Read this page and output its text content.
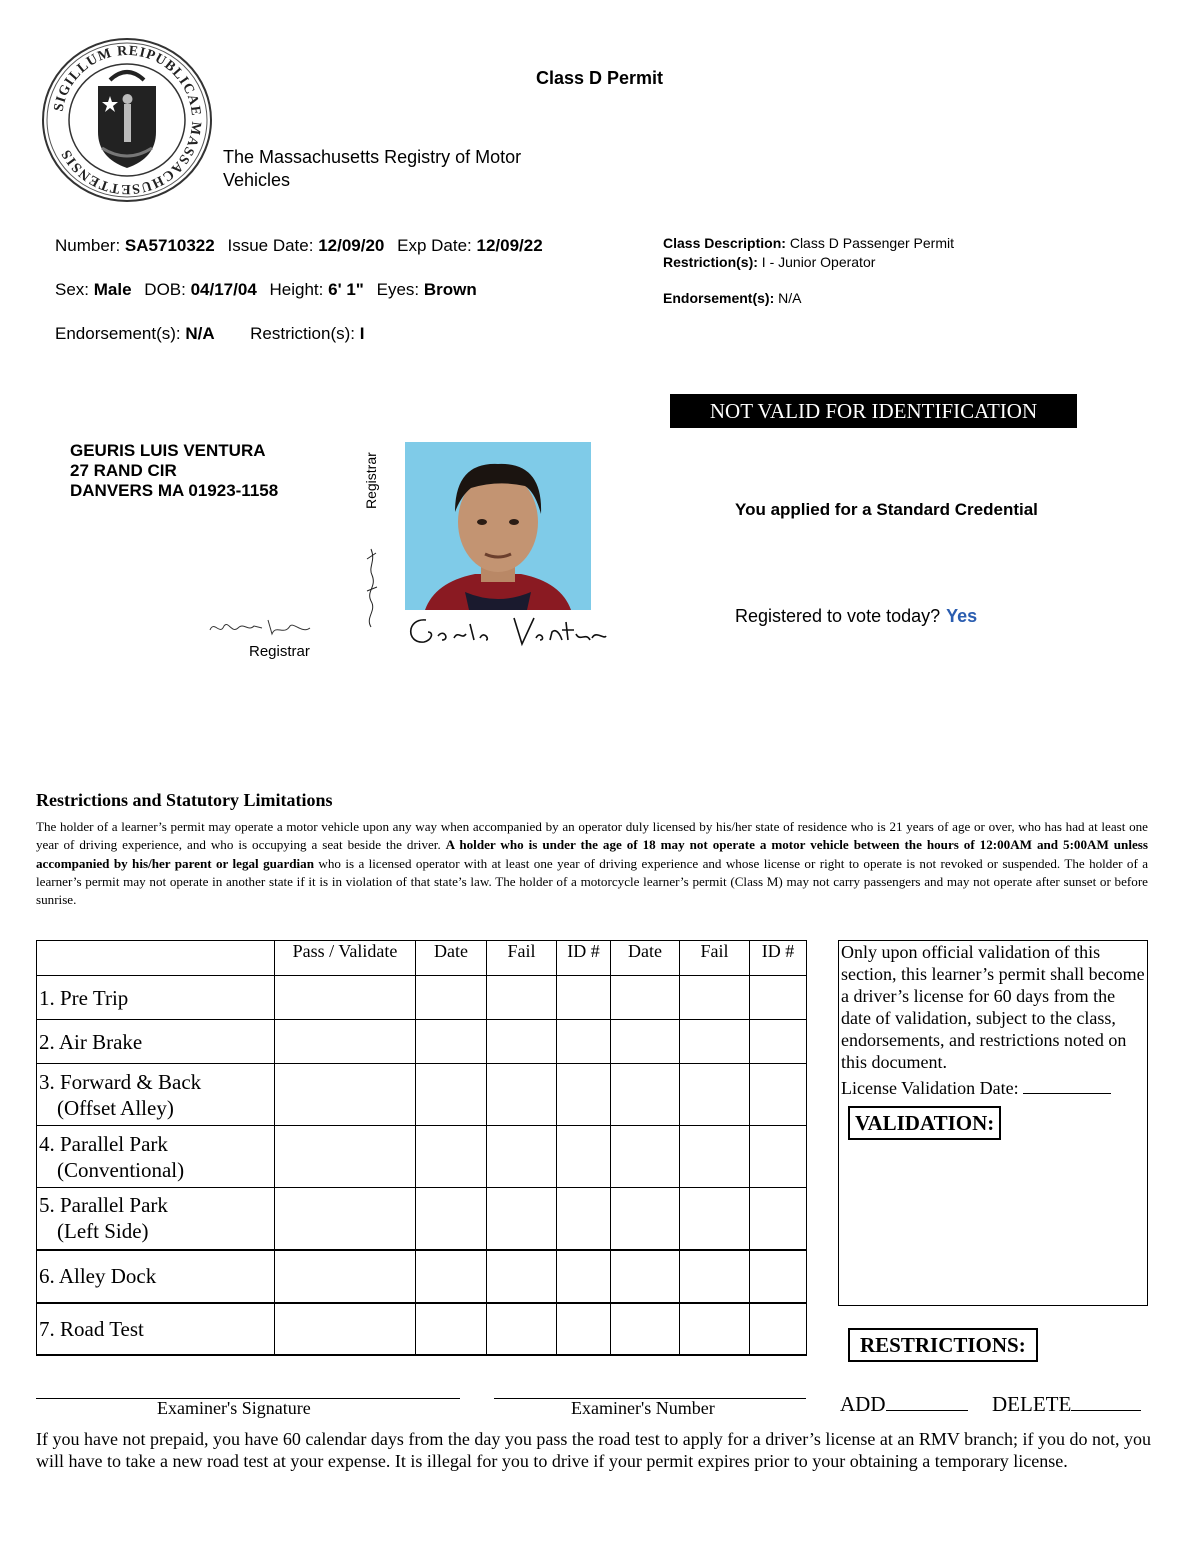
SIGILLUM REIPUBLICAE MASSACHUSETTENSIS
Class D Permit
The Massachusetts Registry of Motor Vehicles
Number: SA5710322 Issue Date: 12/09/20 Exp Date: 12/09/22
Sex: Male DOB: 04/17/04 Height: 6' 1" Eyes: Brown
Endorsement(s): N/A Restriction(s): I
Class Description: Class D Passenger Permit
Restriction(s): I - Junior Operator
Endorsement(s): N/A
NOT VALID FOR IDENTIFICATION
GEURIS LUIS VENTURA
27 RAND CIR
DANVERS MA 01923-1158	Registrar
Registrar
You applied for a Standard Credential
Registered to vote today? Yes
Restrictions and Statutory Limitations
The holder of a learner’s permit may operate a motor vehicle upon any way when accompanied by an operator duly licensed by his/her state of residence who is 21 years of age or over, who has had at least one year of driving experience, and who is occupying a seat beside the driver. A holder who is under the age of 18 may not operate a motor vehicle between the hours of 12:00AM and 5:00AM unless accompanied by his/her parent or legal guardian who is a licensed operator with at least one year of driving experience and whose license or right to operate is not revoked or suspended. The holder of a learner’s permit may not operate in another state if it is in violation of that state’s law. The holder of a motorcycle learner’s permit (Class M) may not carry passengers and may not operate after sunset or before sunrise.
	Pass / Validate	Date	Fail	ID #	Date	Fail	ID #

1. Pre Trip							

2. Air Brake							

3. Forward & Back
(Offset Alley)							

4. Parallel Park
(Conventional)							

5. Parallel Park
(Left Side)							

6. Alley Dock							

7. Road Test							

Only upon official validation of this section, this learner’s permit shall become a driver’s license for 60 days from the date of validation, subject to the class, endorsements, and restrictions noted on this document.
License Validation Date:
VALIDATION:
RESTRICTIONS:
Examiner's Signature	Examiner's Number	ADD	DELETE
If you have not prepaid, you have 60 calendar days from the day you pass the road test to apply for a driver’s license at an RMV branch; if you do not, you will have to take a new road test at your expense. It is illegal for you to drive if your permit expires prior to your obtaining a temporary license.
